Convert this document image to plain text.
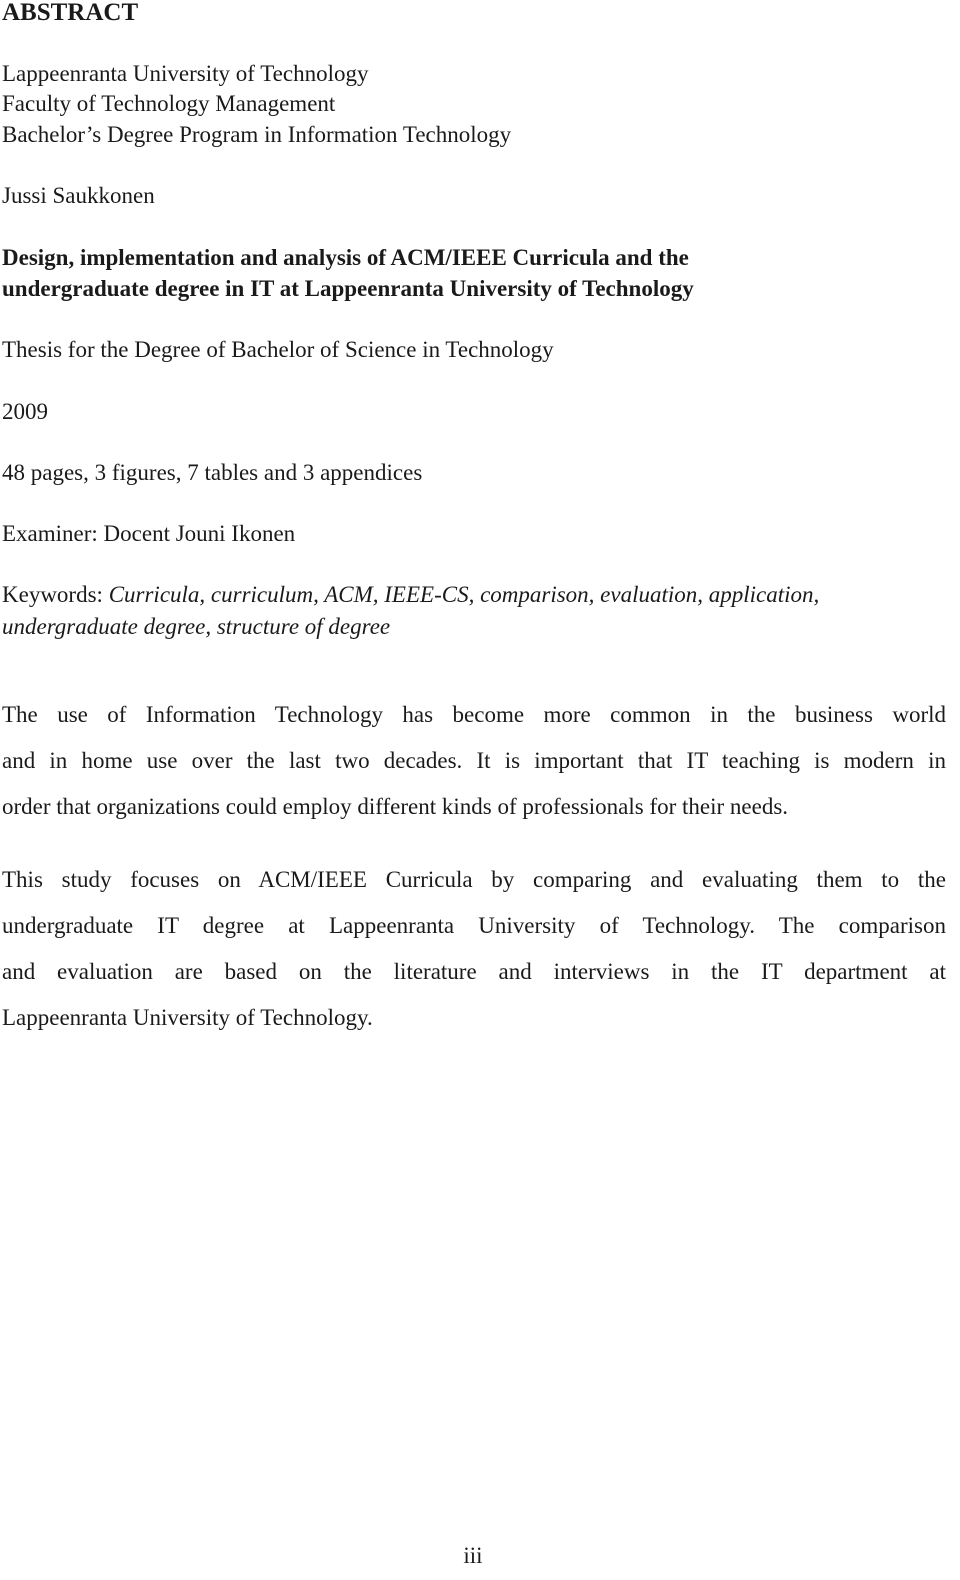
ABSTRACT

Lappeenranta University of Technology

Faculty of Technology Management

Bachelor’s Degree Program in Information Technology

Jussi Saukkonen

Design, implementation and analysis of ACM/IEEE Curricula and the

undergraduate degree in IT at Lappeenranta University of Technology

Thesis for the Degree of Bachelor of Science in Technology

2009

48 pages, 3 figures, 7 tables and 3 appendices

Examiner: Docent Jouni Ikonen

Keywords: Curricula, curriculum, ACM, IEEE-CS, comparison, evaluation, application,

undergraduate degree, structure of degree

The use of Information Technology has become more common in the business world
and in home use over the last two decades. It is important that IT teaching is modern in
order that organizations could employ different kinds of professionals for their needs.
This study focuses on ACM/IEEE Curricula by comparing and evaluating them to the
undergraduate IT degree at Lappeenranta University of Technology. The comparison
and evaluation are based on the literature and interviews in the IT department at
Lappeenranta University of Technology.

iii
